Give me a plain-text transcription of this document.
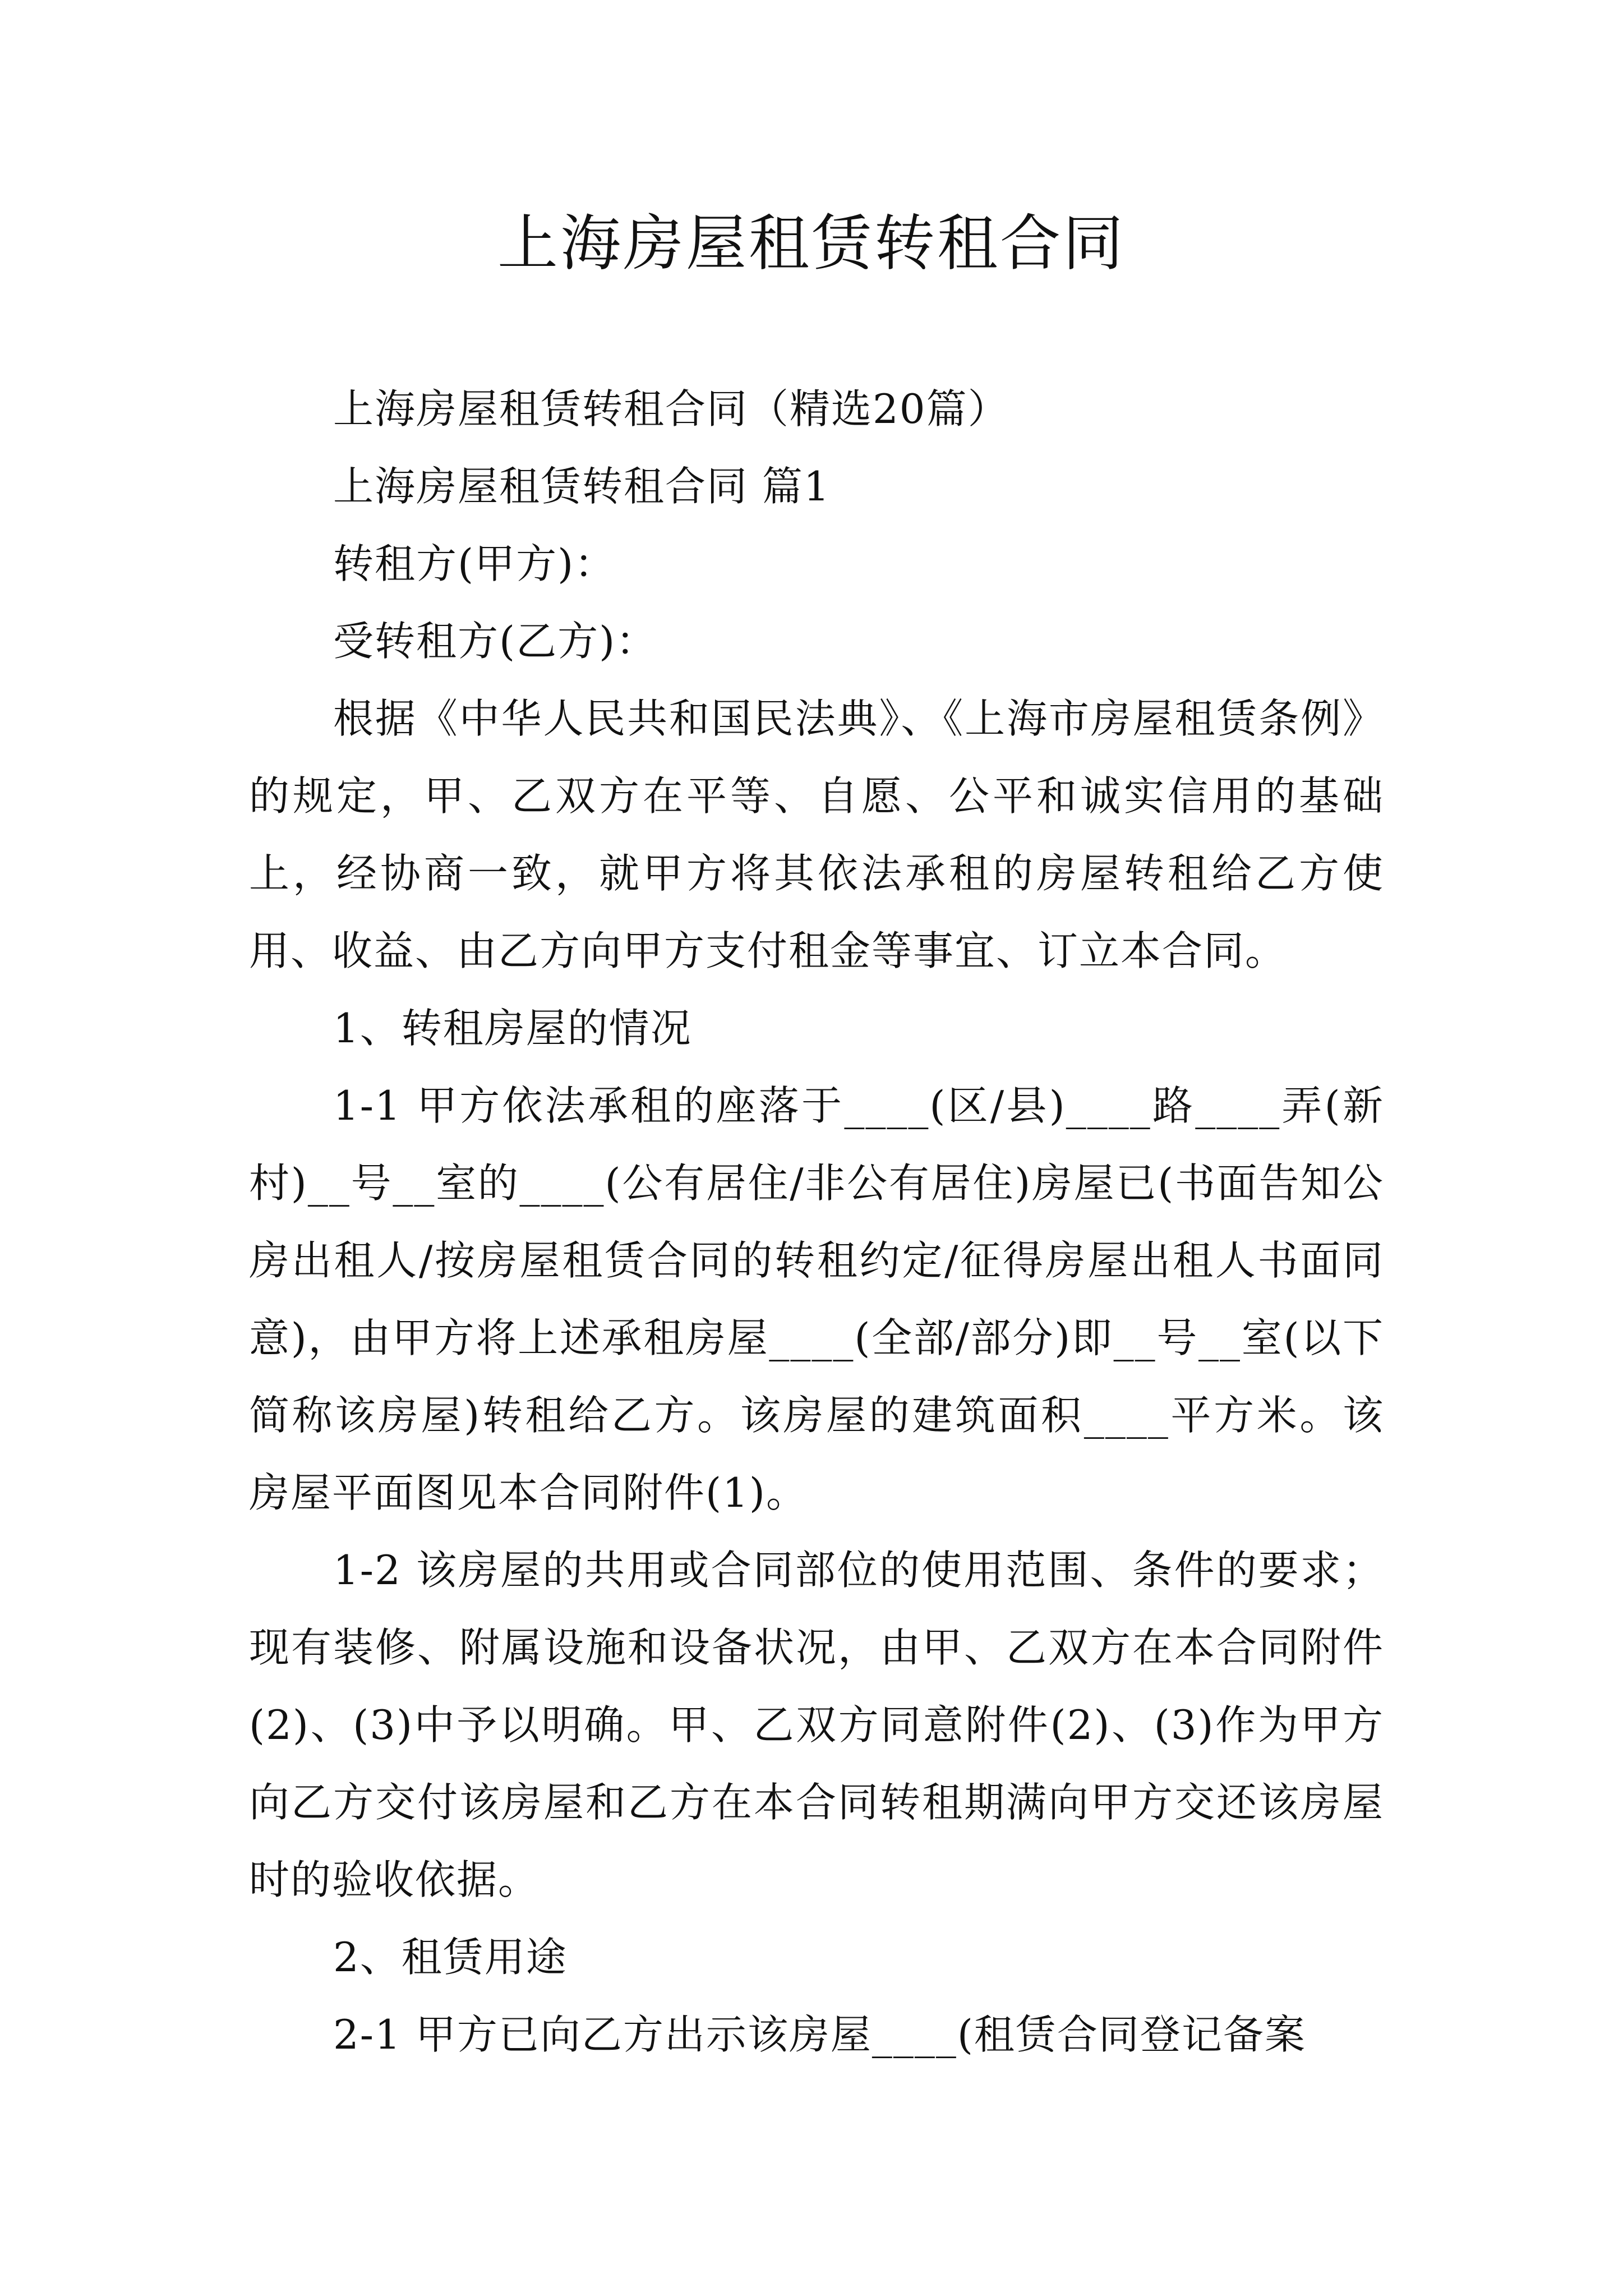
上海房屋租赁转租合同

上海房屋租赁转租合同（精选20篇）

上海房屋租赁转租合同 篇1

转租方(甲方)：

受转租方(乙方)：

根据《中华人民共和国民法典》、《上海市房屋租赁条例》的规定，甲、乙双方在平等、自愿、公平和诚实信用的基础上，经协商一致，就甲方将其依法承租的房屋转租给乙方使用、收益、由乙方向甲方支付租金等事宜、订立本合同。

1、转租房屋的情况

1-1 甲方依法承租的座落于____(区/县)____路____弄(新村)__号__室的____(公有居住/非公有居住)房屋已(书面告知公房出租人/按房屋租赁合同的转租约定/征得房屋出租人书面同意)，由甲方将上述承租房屋____(全部/部分)即__号__室(以下简称该房屋)转租给乙方。该房屋的建筑面积____平方米。该房屋平面图见本合同附件(1)。

1-2 该房屋的共用或合同部位的使用范围、条件的要求；现有装修、附属设施和设备状况，由甲、乙双方在本合同附件(2)、(3)中予以明确。甲、乙双方同意附件(2)、(3)作为甲方向乙方交付该房屋和乙方在本合同转租期满向甲方交还该房屋时的验收依据。

2、租赁用途

2-1 甲方已向乙方出示该房屋____(租赁合同登记备案
